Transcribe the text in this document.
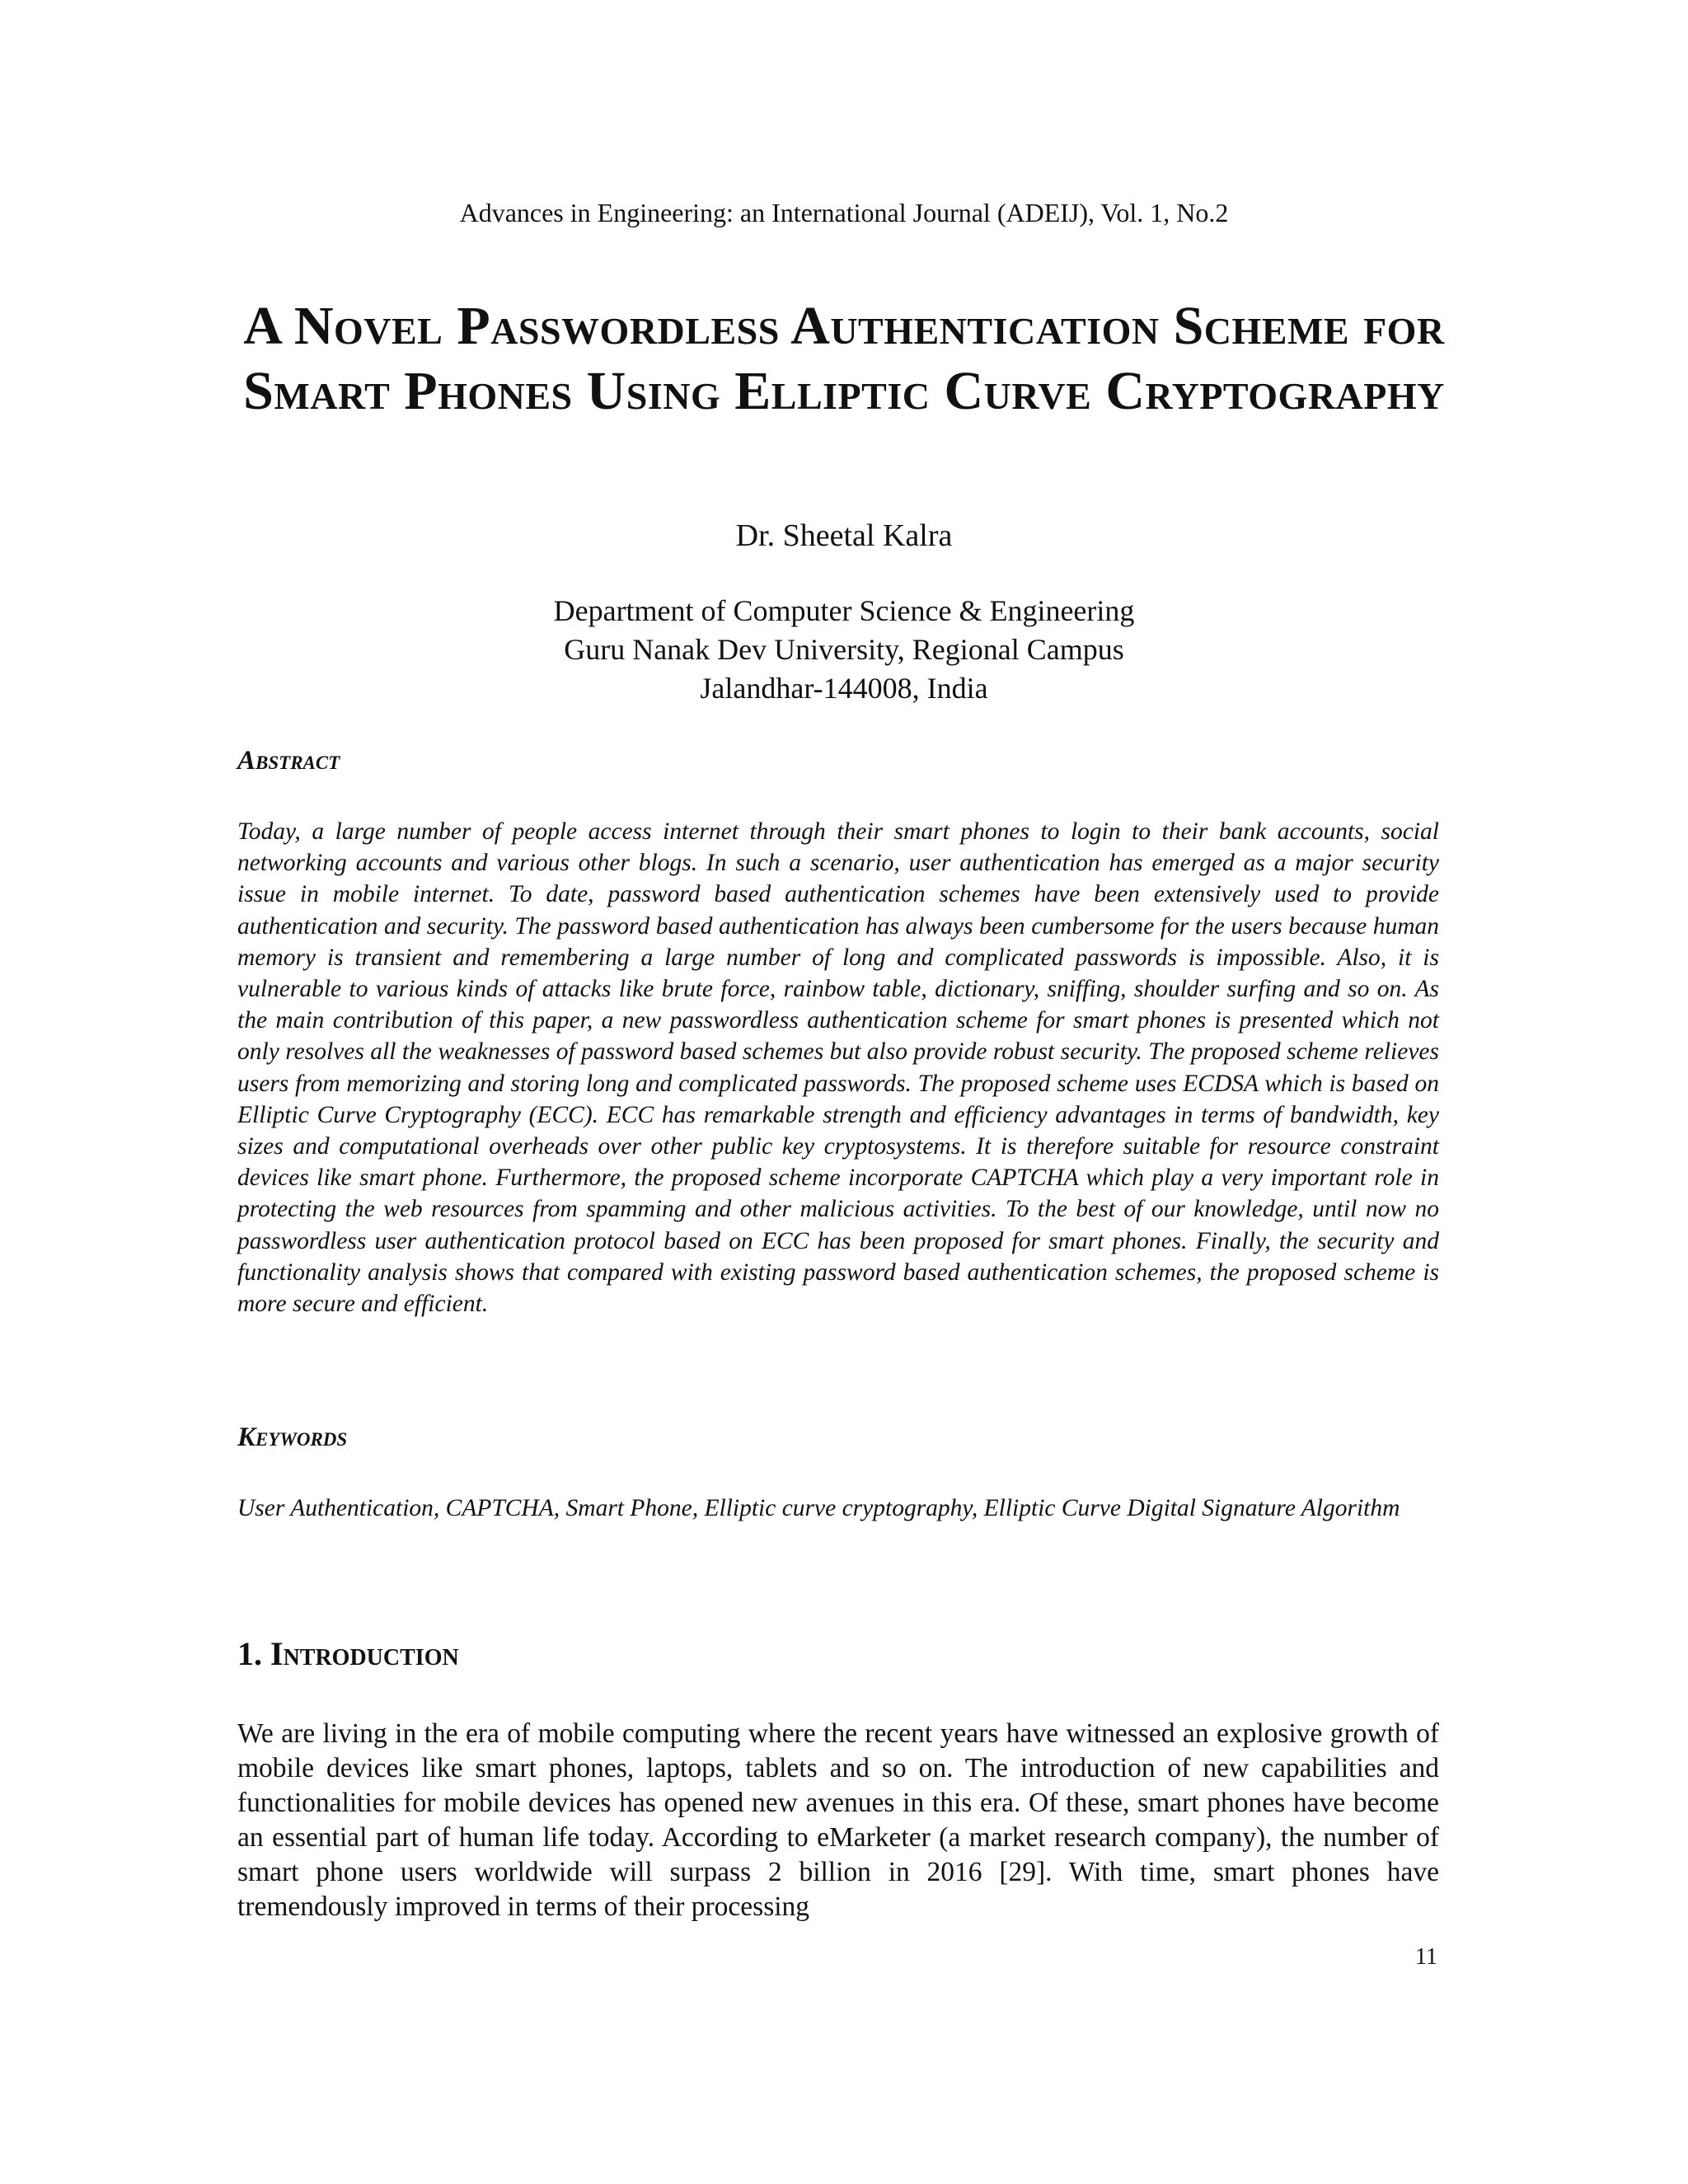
Advances in Engineering: an International Journal (ADEIJ), Vol. 1, No.2
A Novel Passwordless Authentication Scheme for Smart Phones Using Elliptic Curve Cryptography
Dr. Sheetal Kalra
Department of Computer Science & Engineering
Guru Nanak Dev University, Regional Campus
Jalandhar-144008, India
Abstract

Today, a large number of people access internet through their smart phones to login to their bank accounts, social networking accounts and various other blogs. In such a scenario, user authentication has emerged as a major security issue in mobile internet. To date, password based authentication schemes have been extensively used to provide authentication and security. The password based authentication has always been cumbersome for the users because human memory is transient and remembering a large number of long and complicated passwords is impossible. Also, it is vulnerable to various kinds of attacks like brute force, rainbow table, dictionary, sniffing, shoulder surfing and so on. As the main contribution of this paper, a new passwordless authentication scheme for smart phones is presented which not only resolves all the weaknesses of password based schemes but also provide robust security. The proposed scheme relieves users from memorizing and storing long and complicated passwords. The proposed scheme uses ECDSA which is based on Elliptic Curve Cryptography (ECC). ECC has remarkable strength and efficiency advantages in terms of bandwidth, key sizes and computational overheads over other public key cryptosystems. It is therefore suitable for resource constraint devices like smart phone. Furthermore, the proposed scheme incorporate CAPTCHA which play a very important role in protecting the web resources from spamming and other malicious activities. To the best of our knowledge, until now no passwordless user authentication protocol based on ECC has been proposed for smart phones. Finally, the security and functionality analysis shows that compared with existing password based authentication schemes, the proposed scheme is more secure and efficient.

Keywords

User Authentication, CAPTCHA, Smart Phone, Elliptic curve cryptography, Elliptic Curve Digital Signature Algorithm

1. Introduction

We are living in the era of mobile computing where the recent years have witnessed an explosive growth of mobile devices like smart phones, laptops, tablets and so on. The introduction of new capabilities and functionalities for mobile devices has opened new avenues in this era. Of these, smart phones have become an essential part of human life today. According to eMarketer (a market research company), the number of smart phone users worldwide will surpass 2 billion in 2016 [29]. With time, smart phones have tremendously improved in terms of their processing

11
